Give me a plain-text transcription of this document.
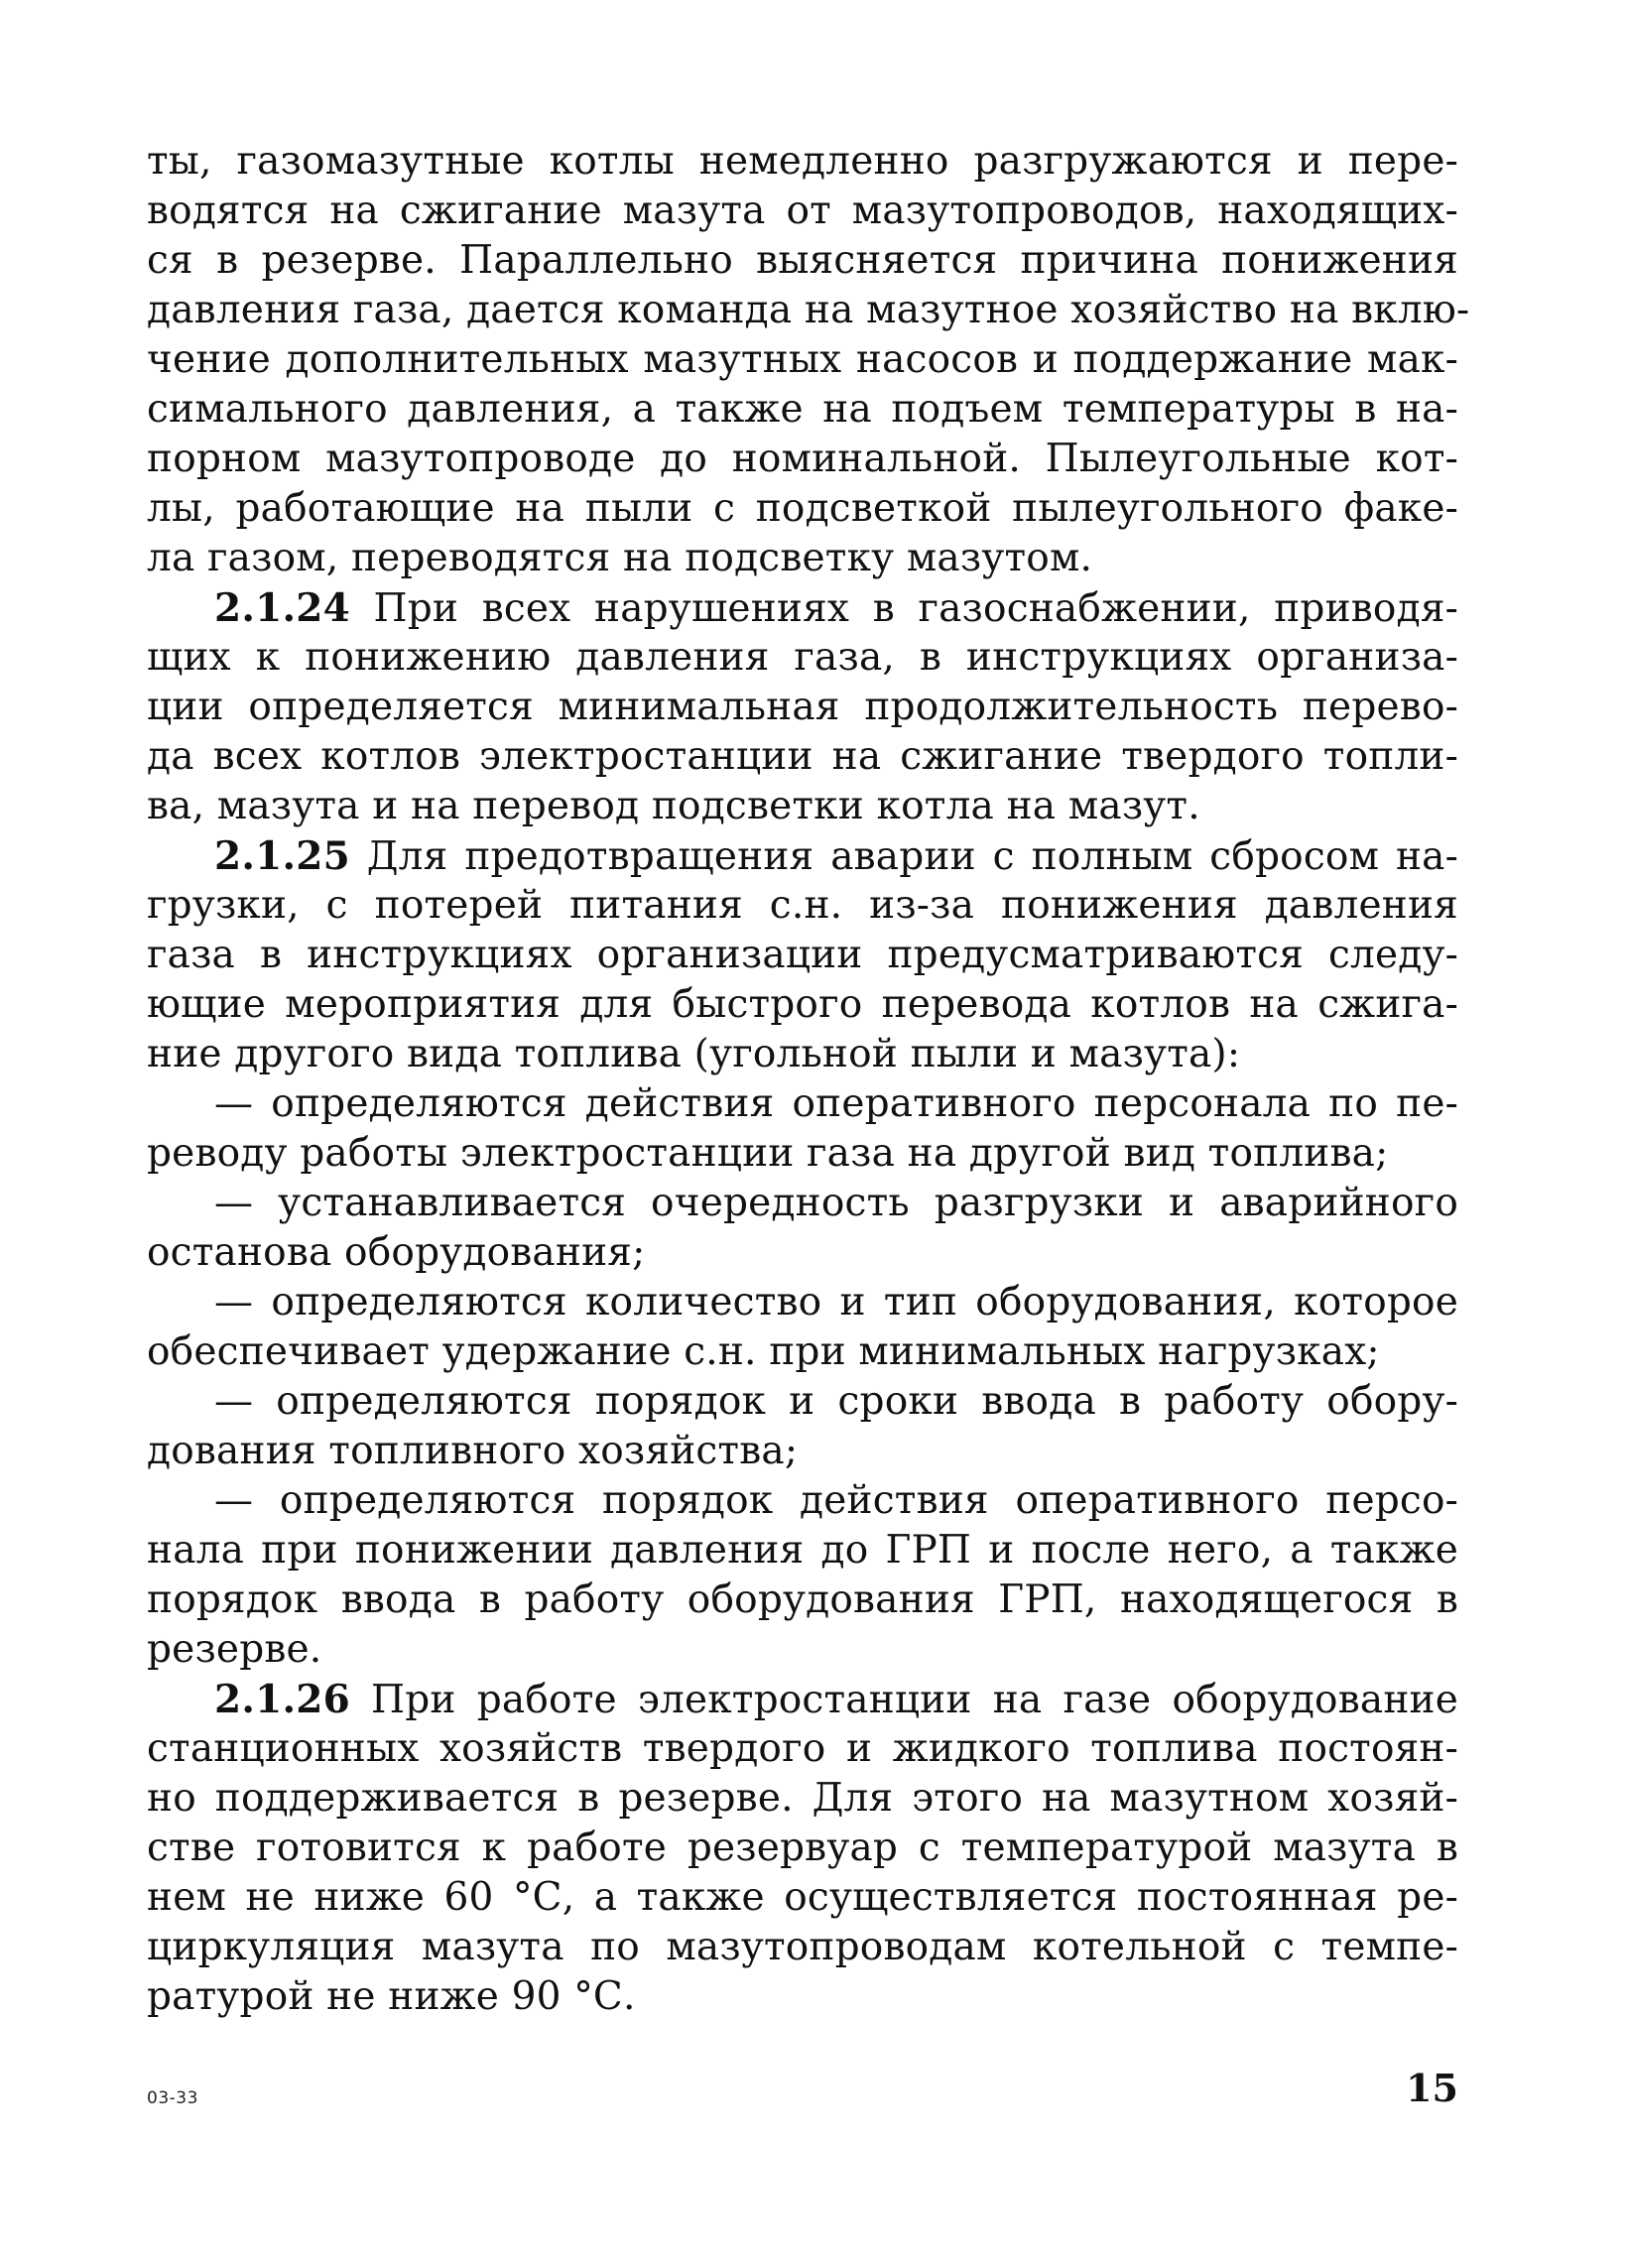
ты, газомазутные котлы немедленно разгружаются и пере-
водятся на сжигание мазута от мазутопроводов, находящих-
ся в резерве. Параллельно выясняется причина понижения
давления газа, дается команда на мазутное хозяйство на вклю-
чение дополнительных мазутных насосов и поддержание мак-
симального давления, а также на подъем температуры в на-
порном мазутопроводе до номинальной. Пылеугольные кот-
лы, работающие на пыли с подсветкой пылеугольного факе-
ла газом, переводятся на подсветку мазутом.
2.1.24 При всех нарушениях в газоснабжении, приводя-
щих к понижению давления газа, в инструкциях организа-
ции определяется минимальная продолжительность перево-
да всех котлов электростанции на сжигание твердого топли-
ва, мазута и на перевод подсветки котла на мазут.
2.1.25 Для предотвращения аварии с полным сбросом на-
грузки, с потерей питания с.н. из-за понижения давления
газа в инструкциях организации предусматриваются следу-
ющие мероприятия для быстрого перевода котлов на сжига-
ние другого вида топлива (угольной пыли и мазута):
— определяются действия оперативного персонала по пе-
реводу работы электростанции газа на другой вид топлива;
— устанавливается очередность разгрузки и аварийного
останова оборудования;
— определяются количество и тип оборудования, которое
обеспечивает удержание с.н. при минимальных нагрузках;
— определяются порядок и сроки ввода в работу обору-
дования топливного хозяйства;
— определяются порядок действия оперативного персо-
нала при понижении давления до ГРП и после него, а также
порядок ввода в работу оборудования ГРП, находящегося в
резерве.
2.1.26 При работе электростанции на газе оборудование
станционных хозяйств твердого и жидкого топлива постоян-
но поддерживается в резерве. Для этого на мазутном хозяй-
стве готовится к работе резервуар с температурой мазута в
нем не ниже 60 °С, а также осуществляется постоянная ре-
циркуляция мазута по мазутопроводам котельной с темпе-
ратурой не ниже 90 °С.
03-33	15
